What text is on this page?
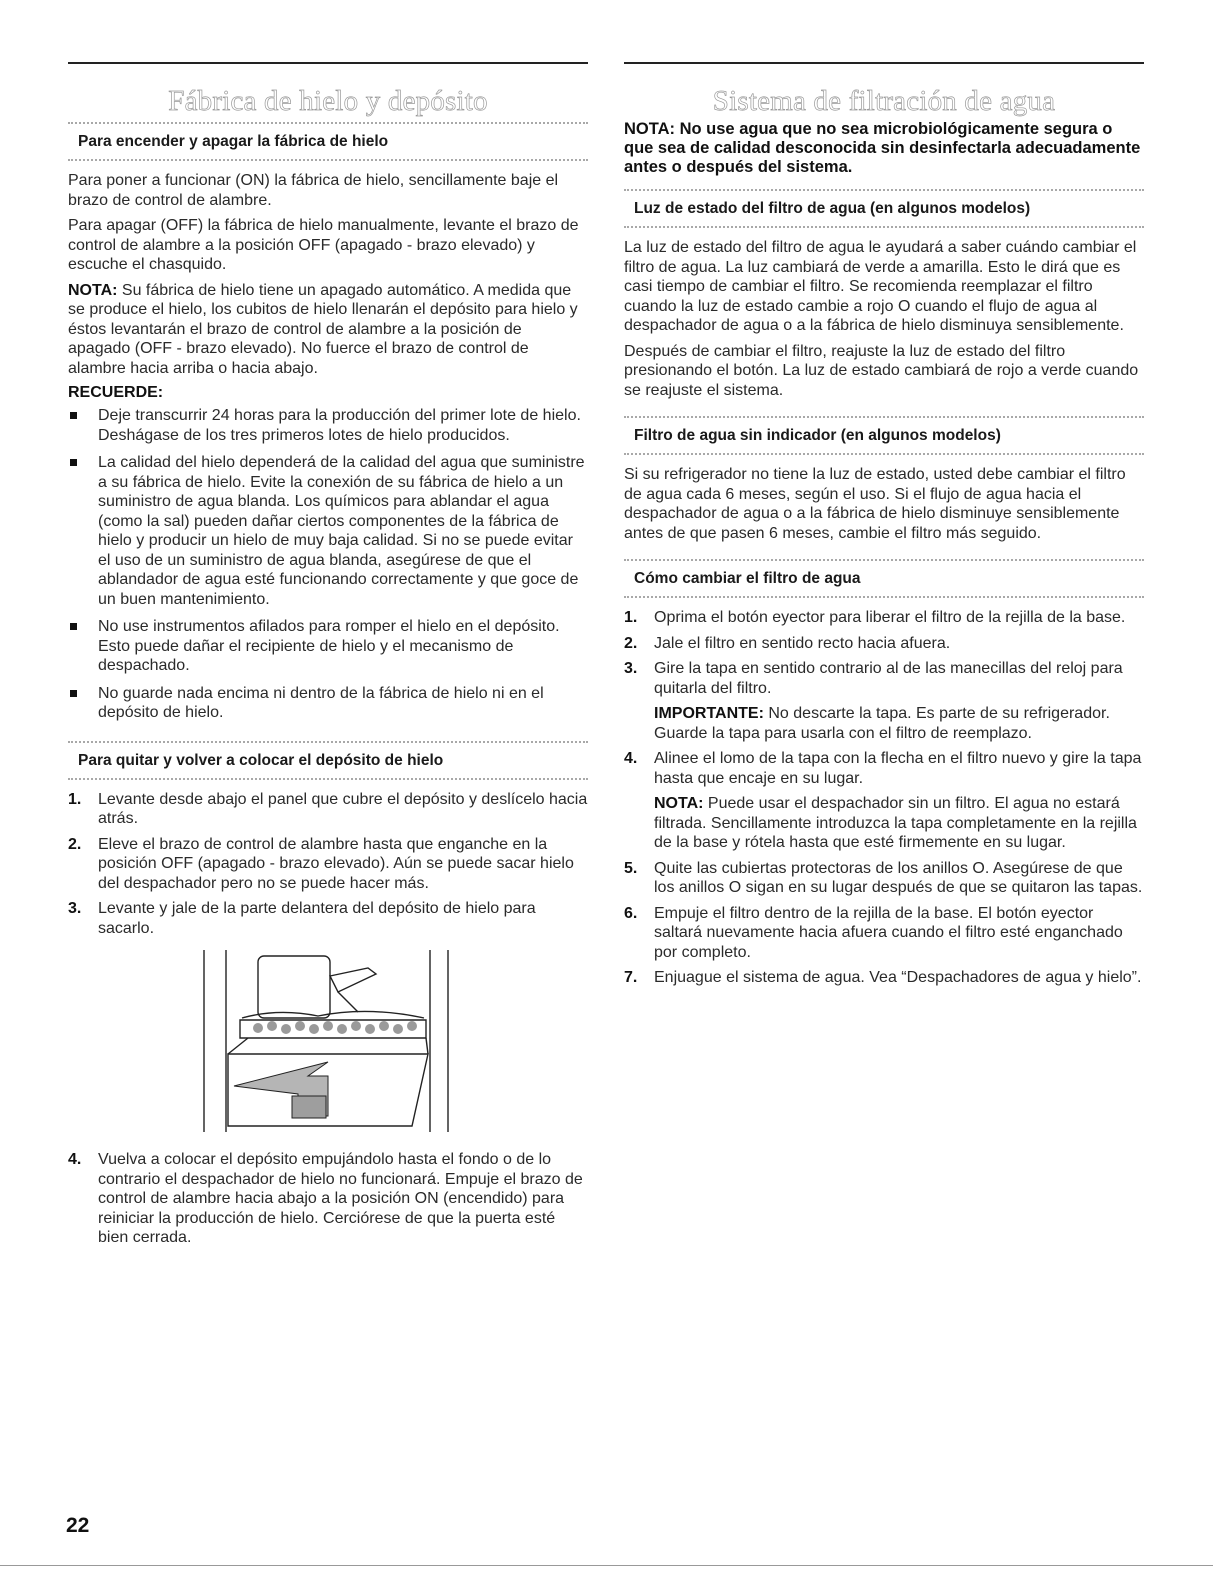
Fábrica de hielo y depósito
Para encender y apagar la fábrica de hielo

Para poner a funcionar (ON) la fábrica de hielo, sencillamente baje el brazo de control de alambre.

Para apagar (OFF) la fábrica de hielo manualmente, levante el brazo de control de alambre a la posición OFF (apagado - brazo elevado) y escuche el chasquido.

NOTA: Su fábrica de hielo tiene un apagado automático. A medida que se produce el hielo, los cubitos de hielo llenarán el depósito para hielo y éstos levantarán el brazo de control de alambre a la posición de apagado (OFF - brazo elevado). No fuerce el brazo de control de alambre hacia arriba o hacia abajo.

RECUERDE:
Deje transcurrir 24 horas para la producción del primer lote de hielo. Deshágase de los tres primeros lotes de hielo producidos.
La calidad del hielo dependerá de la calidad del agua que suministre a su fábrica de hielo. Evite la conexión de su fábrica de hielo a un suministro de agua blanda. Los químicos para ablandar el agua (como la sal) pueden dañar ciertos componentes de la fábrica de hielo y producir un hielo de muy baja calidad. Si no se puede evitar el uso de un suministro de agua blanda, asegúrese de que el ablandador de agua esté funcionando correctamente y que goce de un buen mantenimiento.
No use instrumentos afilados para romper el hielo en el depósito. Esto puede dañar el recipiente de hielo y el mecanismo de despachado.
No guarde nada encima ni dentro de la fábrica de hielo ni en el depósito de hielo.
Para quitar y volver a colocar el depósito de hielo
1. Levante desde abajo el panel que cubre el depósito y deslícelo hacia atrás.
2. Eleve el brazo de control de alambre hasta que enganche en la posición OFF (apagado - brazo elevado). Aún se puede sacar hielo del despachador pero no se puede hacer más.
3. Levante y jale de la parte delantera del depósito de hielo para sacarlo.
4. Vuelva a colocar el depósito empujándolo hasta el fondo o de lo contrario el despachador de hielo no funcionará. Empuje el brazo de control de alambre hacia abajo a la posición ON (encendido) para reiniciar la producción de hielo. Cerciórese de que la puerta esté bien cerrada.
Sistema de filtración de agua

NOTA: No use agua que no sea microbiológicamente segura o que sea de calidad desconocida sin desinfectarla adecuadamente antes o después del sistema.

Luz de estado del filtro de agua (en algunos modelos)

La luz de estado del filtro de agua le ayudará a saber cuándo cambiar el filtro de agua. La luz cambiará de verde a amarilla. Esto le dirá que es casi tiempo de cambiar el filtro. Se recomienda reemplazar el filtro cuando la luz de estado cambie a rojo O cuando el flujo de agua al despachador de agua o a la fábrica de hielo disminuya sensiblemente.

Después de cambiar el filtro, reajuste la luz de estado del filtro presionando el botón. La luz de estado cambiará de rojo a verde cuando se reajuste el sistema.

Filtro de agua sin indicador (en algunos modelos)

Si su refrigerador no tiene la luz de estado, usted debe cambiar el filtro de agua cada 6 meses, según el uso. Si el flujo de agua hacia el despachador de agua o a la fábrica de hielo disminuye sensiblemente antes de que pasen 6 meses, cambie el filtro más seguido.

Cómo cambiar el filtro de agua
1. Oprima el botón eyector para liberar el filtro de la rejilla de la base.
2. Jale el filtro en sentido recto hacia afuera.
3. Gire la tapa en sentido contrario al de las manecillas del reloj para quitarla del filtro.

IMPORTANTE: No descarte la tapa. Es parte de su refrigerador. Guarde la tapa para usarla con el filtro de reemplazo.

4. Alinee el lomo de la tapa con la flecha en el filtro nuevo y gire la tapa hasta que encaje en su lugar.

NOTA: Puede usar el despachador sin un filtro. El agua no estará filtrada. Sencillamente introduzca la tapa completamente en la rejilla de la base y rótela hasta que esté firmemente en su lugar.

5. Quite las cubiertas protectoras de los anillos O. Asegúrese de que los anillos O sigan en su lugar después de que se quitaron las tapas.
6. Empuje el filtro dentro de la rejilla de la base. El botón eyector saltará nuevamente hacia afuera cuando el filtro esté enganchado por completo.
7. Enjuague el sistema de agua. Vea “Despachadores de agua y hielo”.
22
